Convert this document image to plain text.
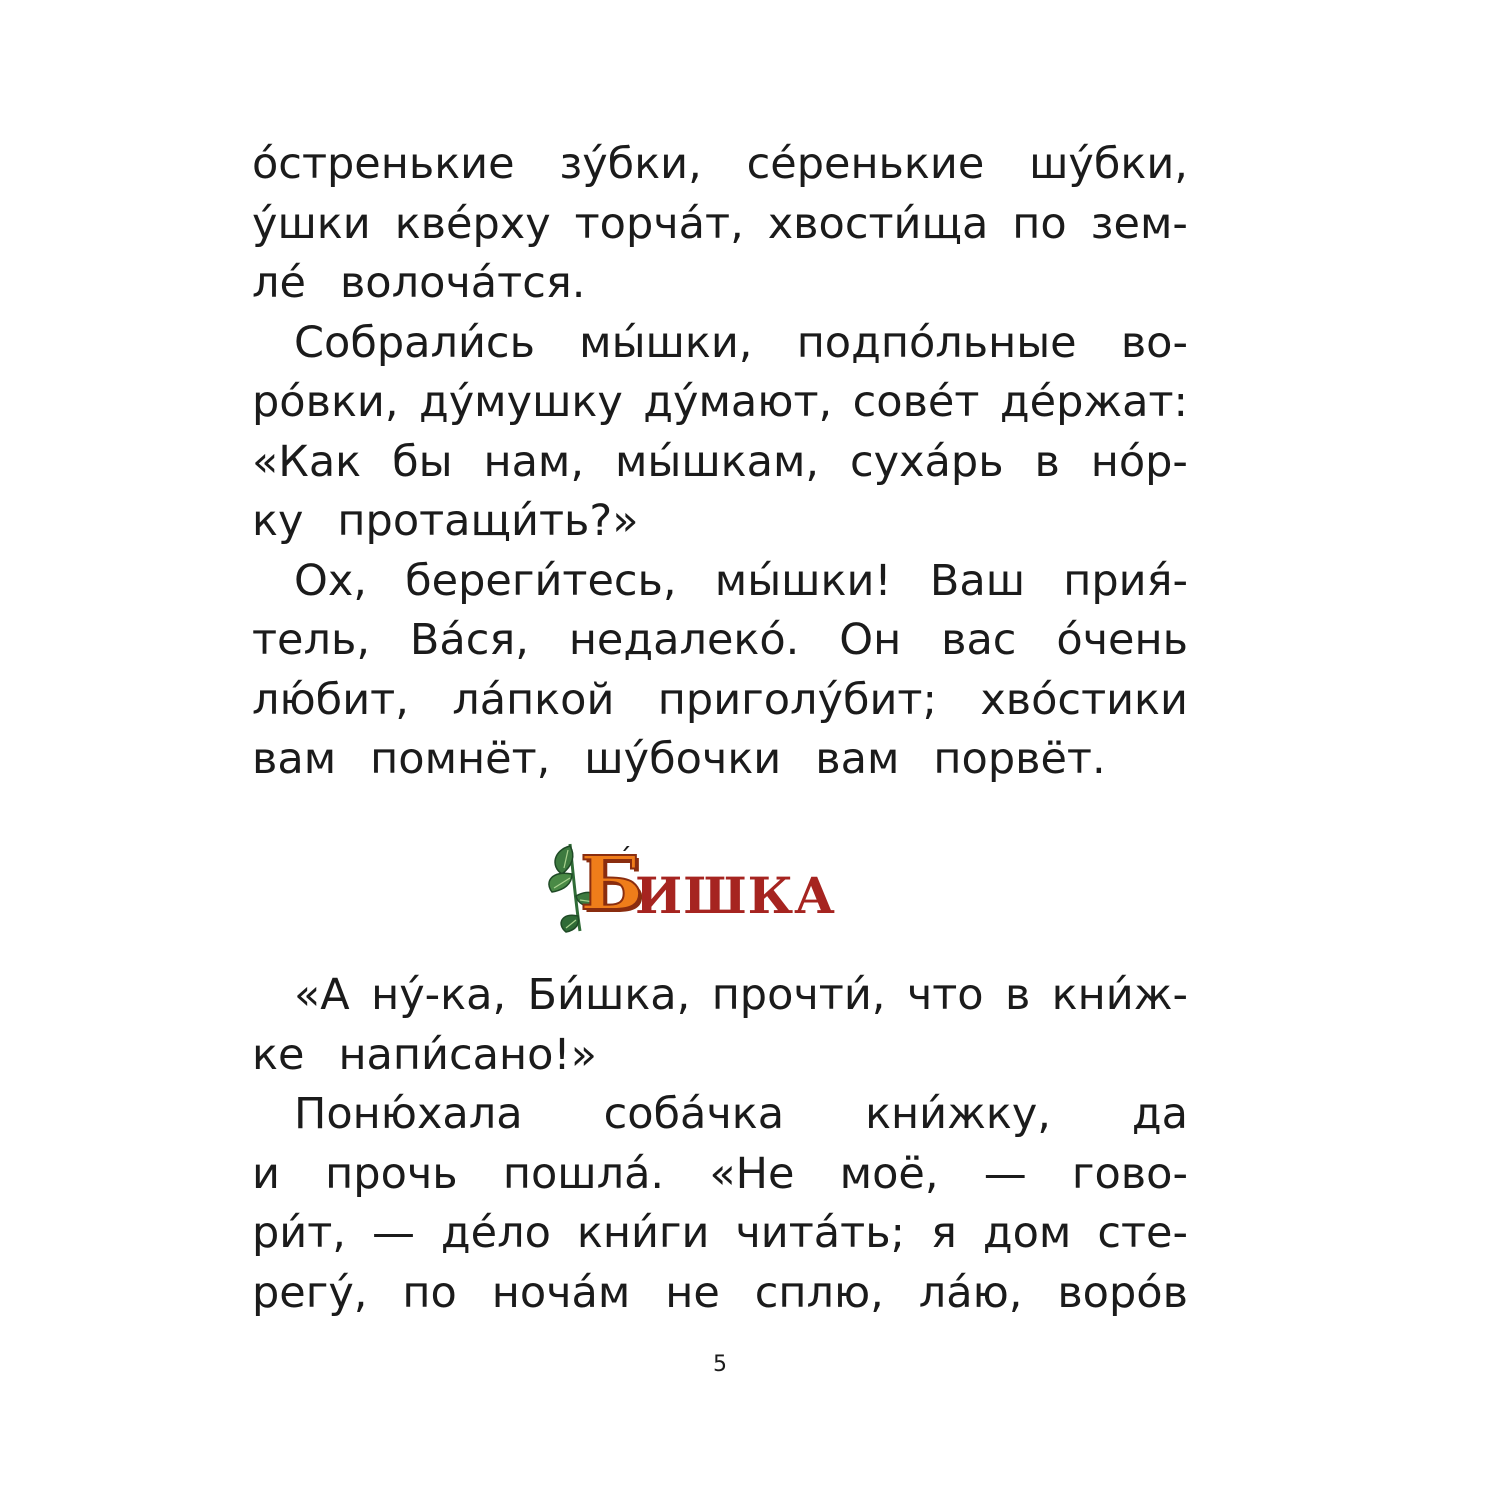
о́стренькие зу́бки, се́ренькие шу́бки,
у́шки кве́рху торча́т, хвости́ща по зем-
ле́ волоча́тся.
Собрали́сь мы́шки, подпо́льные во-
ро́вки, ду́мушку ду́мают, сове́т де́ржат:
«Как бы нам, мы́шкам, суха́рь в но́р-
ку протащи́ть?»
Ох, береги́тесь, мы́шки! Ваш прия́-
тель, Ва́ся, недалеко́. Он вас о́чень
лю́бит, ла́пкой приголу́бит; хво́стики
вам помнёт, шу́бочки вам порвёт.
Б
ИШКА
«А ну́-ка, Би́шка, прочти́, что в кни́ж-
ке напи́сано!»
Поню́хала соба́чка кни́жку, да
и прочь пошла́. «Не моё, — гово-
ри́т, — де́ло кни́ги чита́ть; я дом сте-
регу́, по ноча́м не сплю, ла́ю, воро́в
5
